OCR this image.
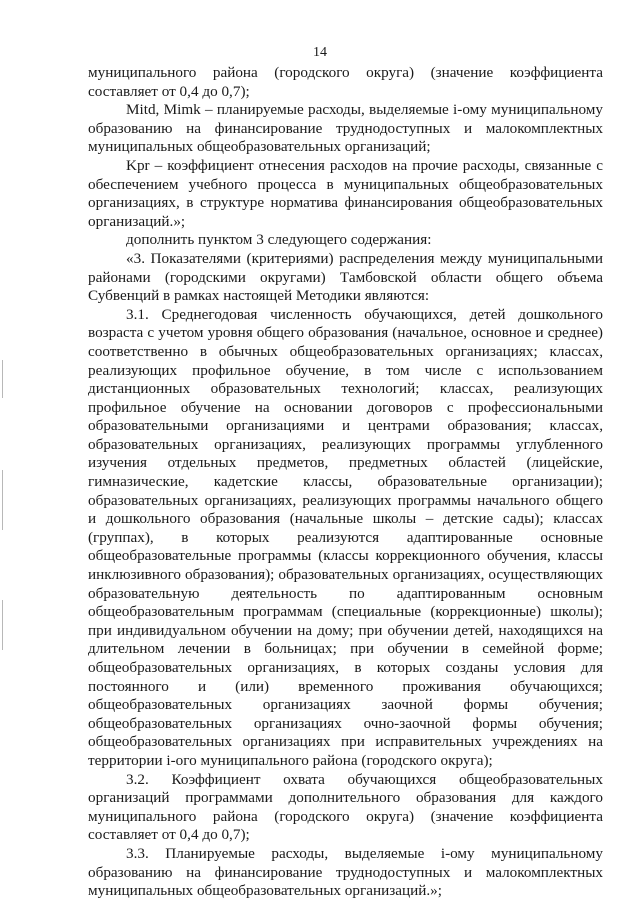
14

муниципального района (городского округа) (значение коэффициента составляет от 0,4 до 0,7);

Mitd, Mimk – планируемые расходы, выделяемые i-ому муниципальному образованию на финансирование труднодоступных и малокомплектных муниципальных общеобразовательных организаций;

Kpr – коэффициент отнесения расходов на прочие расходы, связанные с обеспечением учебного процесса в муниципальных общеобразовательных организациях, в структуре норматива финансирования общеобразовательных организаций.»;

дополнить пунктом 3 следующего содержания:

«3. Показателями (критериями) распределения между муниципальными районами (городскими округами) Тамбовской области общего объема Субвенций в рамках настоящей Методики являются:

3.1. Среднегодовая численность обучающихся, детей дошкольного возраста с учетом уровня общего образования (начальное, основное и среднее) соответственно в обычных общеобразовательных организациях; классах, реализующих профильное обучение, в том числе с использованием дистанционных образовательных технологий; классах, реализующих профильное обучение на основании договоров с профессиональными образовательными организациями и центрами образования; классах, образовательных организациях, реализующих программы углубленного изучения отдельных предметов, предметных областей (лицейские, гимназические, кадетские классы, образовательные организации); образовательных организациях, реализующих программы начального общего и дошкольного образования (начальные школы – детские сады); классах (группах), в которых реализуются адаптированные основные общеобразовательные программы (классы коррекционного обучения, классы инклюзивного образования); образовательных организациях, осуществляющих образовательную деятельность по адаптированным основным общеобразовательным программам (специальные (коррекционные) школы); при индивидуальном обучении на дому; при обучении детей, находящихся на длительном лечении в больницах; при обучении в семейной форме; общеобразовательных организациях, в которых созданы условия для постоянного и (или) временного проживания обучающихся; общеобразовательных организациях заочной формы обучения; общеобразовательных организациях очно-заочной формы обучения; общеобразовательных организациях при исправительных учреждениях на территории i-ого муниципального района (городского округа);

3.2. Коэффициент охвата обучающихся общеобразовательных организаций программами дополнительного образования для каждого муниципального района (городского округа) (значение коэффициента составляет от 0,4 до 0,7);

3.3. Планируемые расходы, выделяемые i-ому муниципальному образованию на финансирование труднодоступных и малокомплектных муниципальных общеобразовательных организаций.»;
